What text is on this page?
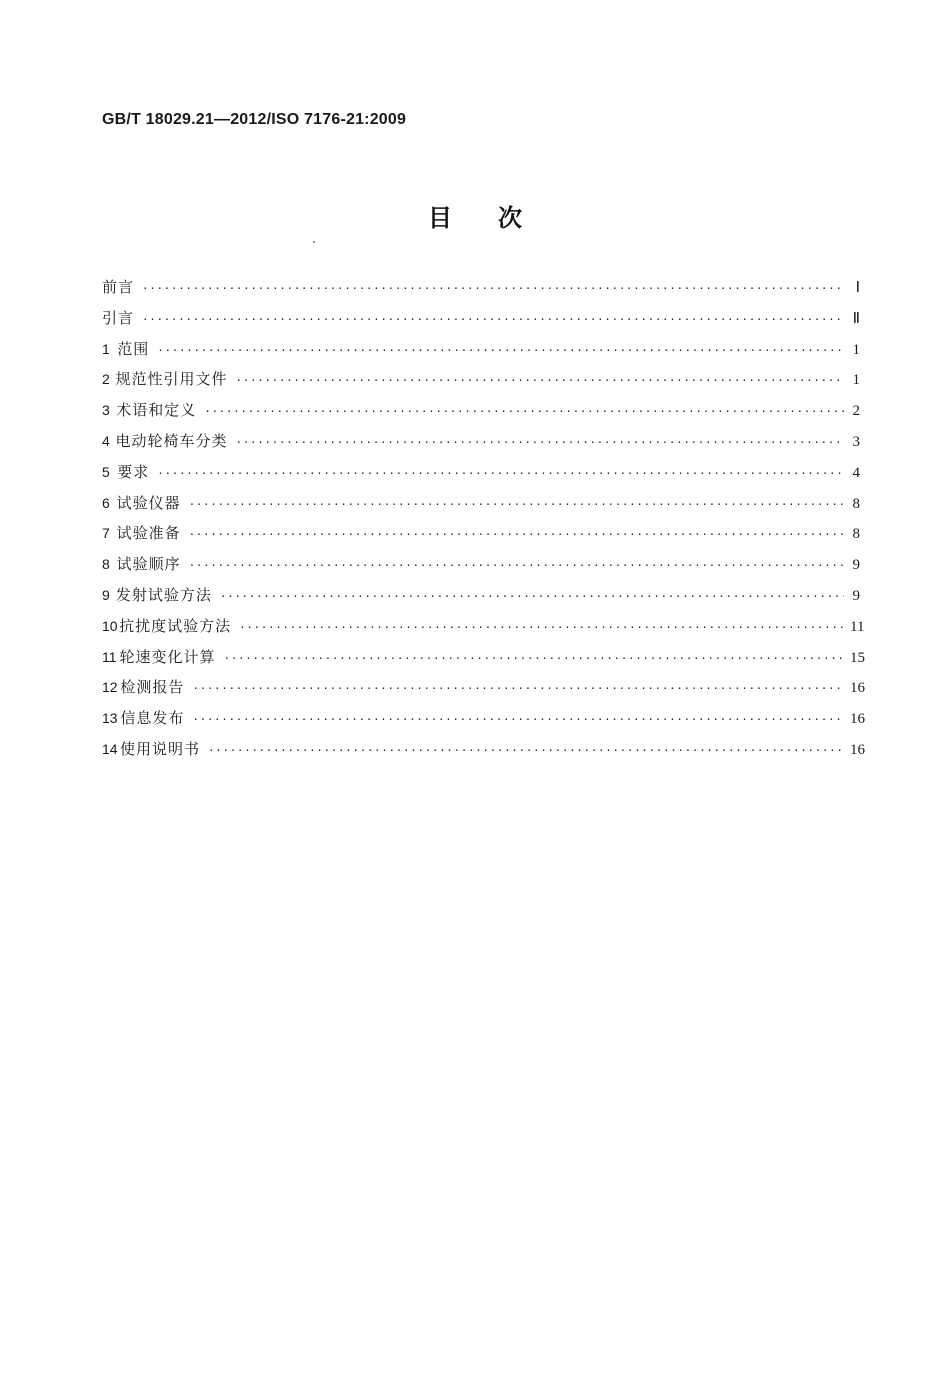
GB/T 18029.21—2012/ISO 7176-21:2009
目次
前言 ·····	Ⅰ
引言 ·····	Ⅱ
1 范围 ·····	1
2 规范性引用文件 ·····	1
3 术语和定义 ·····	2
4 电动轮椅车分类 ·····	3
5 要求 ·····	4
6 试验仪器 ·····	8
7 试验准备 ·····	8
8 试验顺序 ·····	9
9 发射试验方法 ·····	9
10 抗扰度试验方法 ·····	11
11 轮速变化计算 ·····	15
12 检测报告 ·····	16
13 信息发布 ·····	16
14 使用说明书 ·····	16
